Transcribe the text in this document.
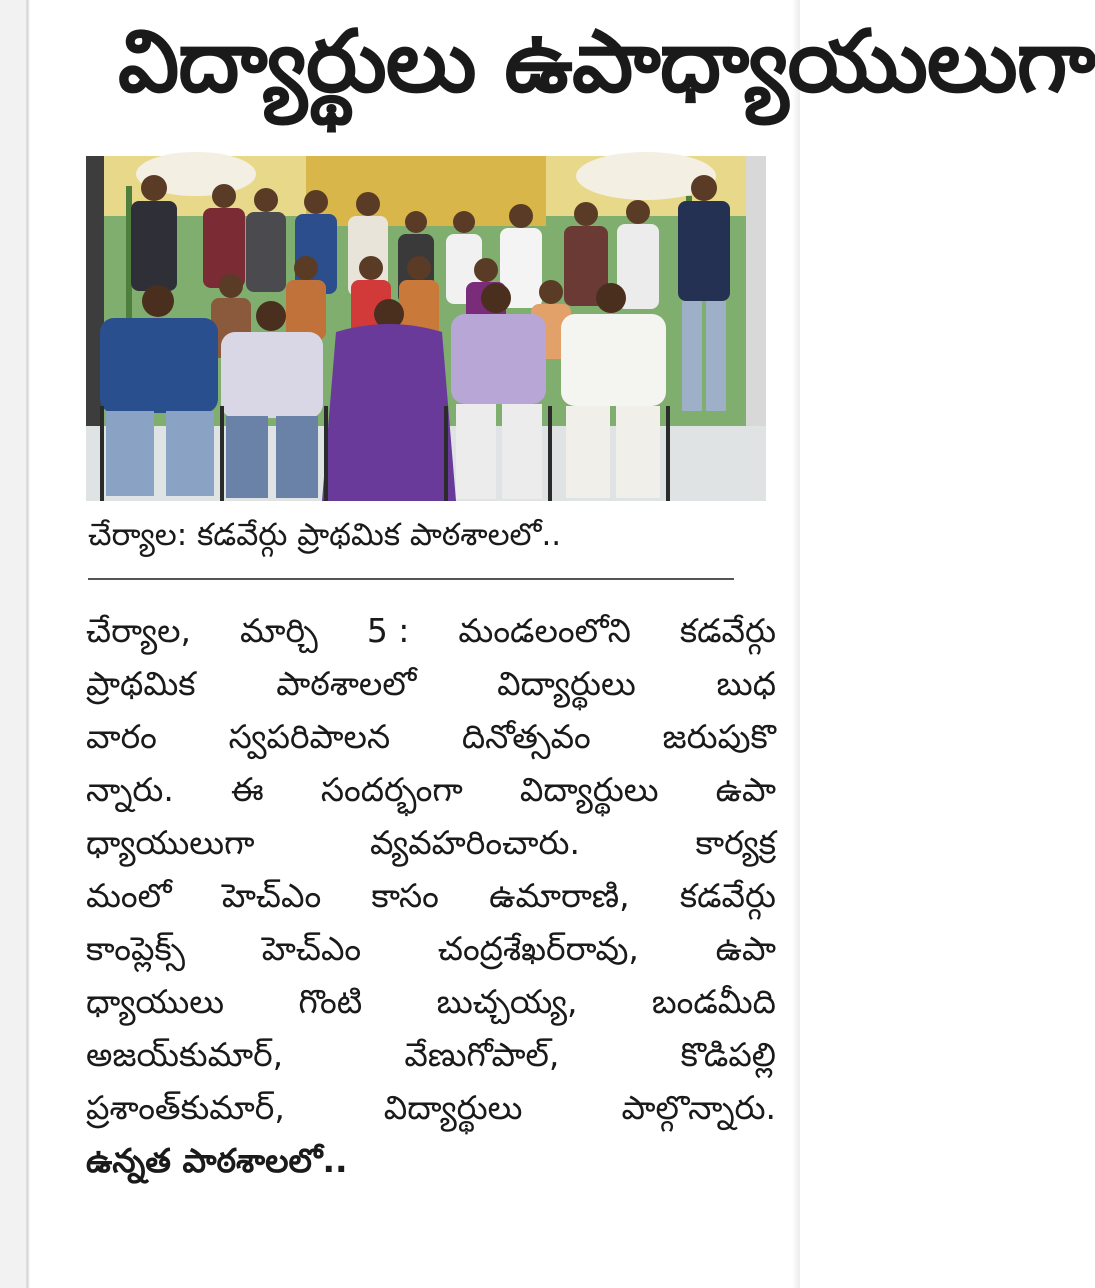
విద్యార్థులు ఉపాధ్యాయులుగా
చేర్యాల: కడవేర్గు ప్రాథమిక పాఠశాలలో..
చేర్యాల, మార్చి 5 : మండలంలోని కడవేర్గు
ప్రాథమిక పాఠశాలలో విద్యార్థులు బుధ
వారం స్వపరిపాలన దినోత్సవం జరుపుకొ
న్నారు. ఈ సందర్భంగా విద్యార్థులు ఉపా
ధ్యాయులుగా	వ్యవహరించారు.	కార్యక్ర
మంలో హెచ్‌ఎం కాసం ఉమారాణి, కడవేర్గు
కాంప్లెక్స్ హెచ్‌ఎం చంద్రశేఖర్‌రావు, ఉపా
ధ్యాయులు గొంటి బుచ్చయ్య, బండమీది
అజయ్‌కుమార్,	వేణుగోపాల్,	కొడిపల్లి
ప్రశాంత్‌కుమార్,	విద్యార్థులు	పాల్గొన్నారు.
ఉన్నత పాఠశాలలో..
